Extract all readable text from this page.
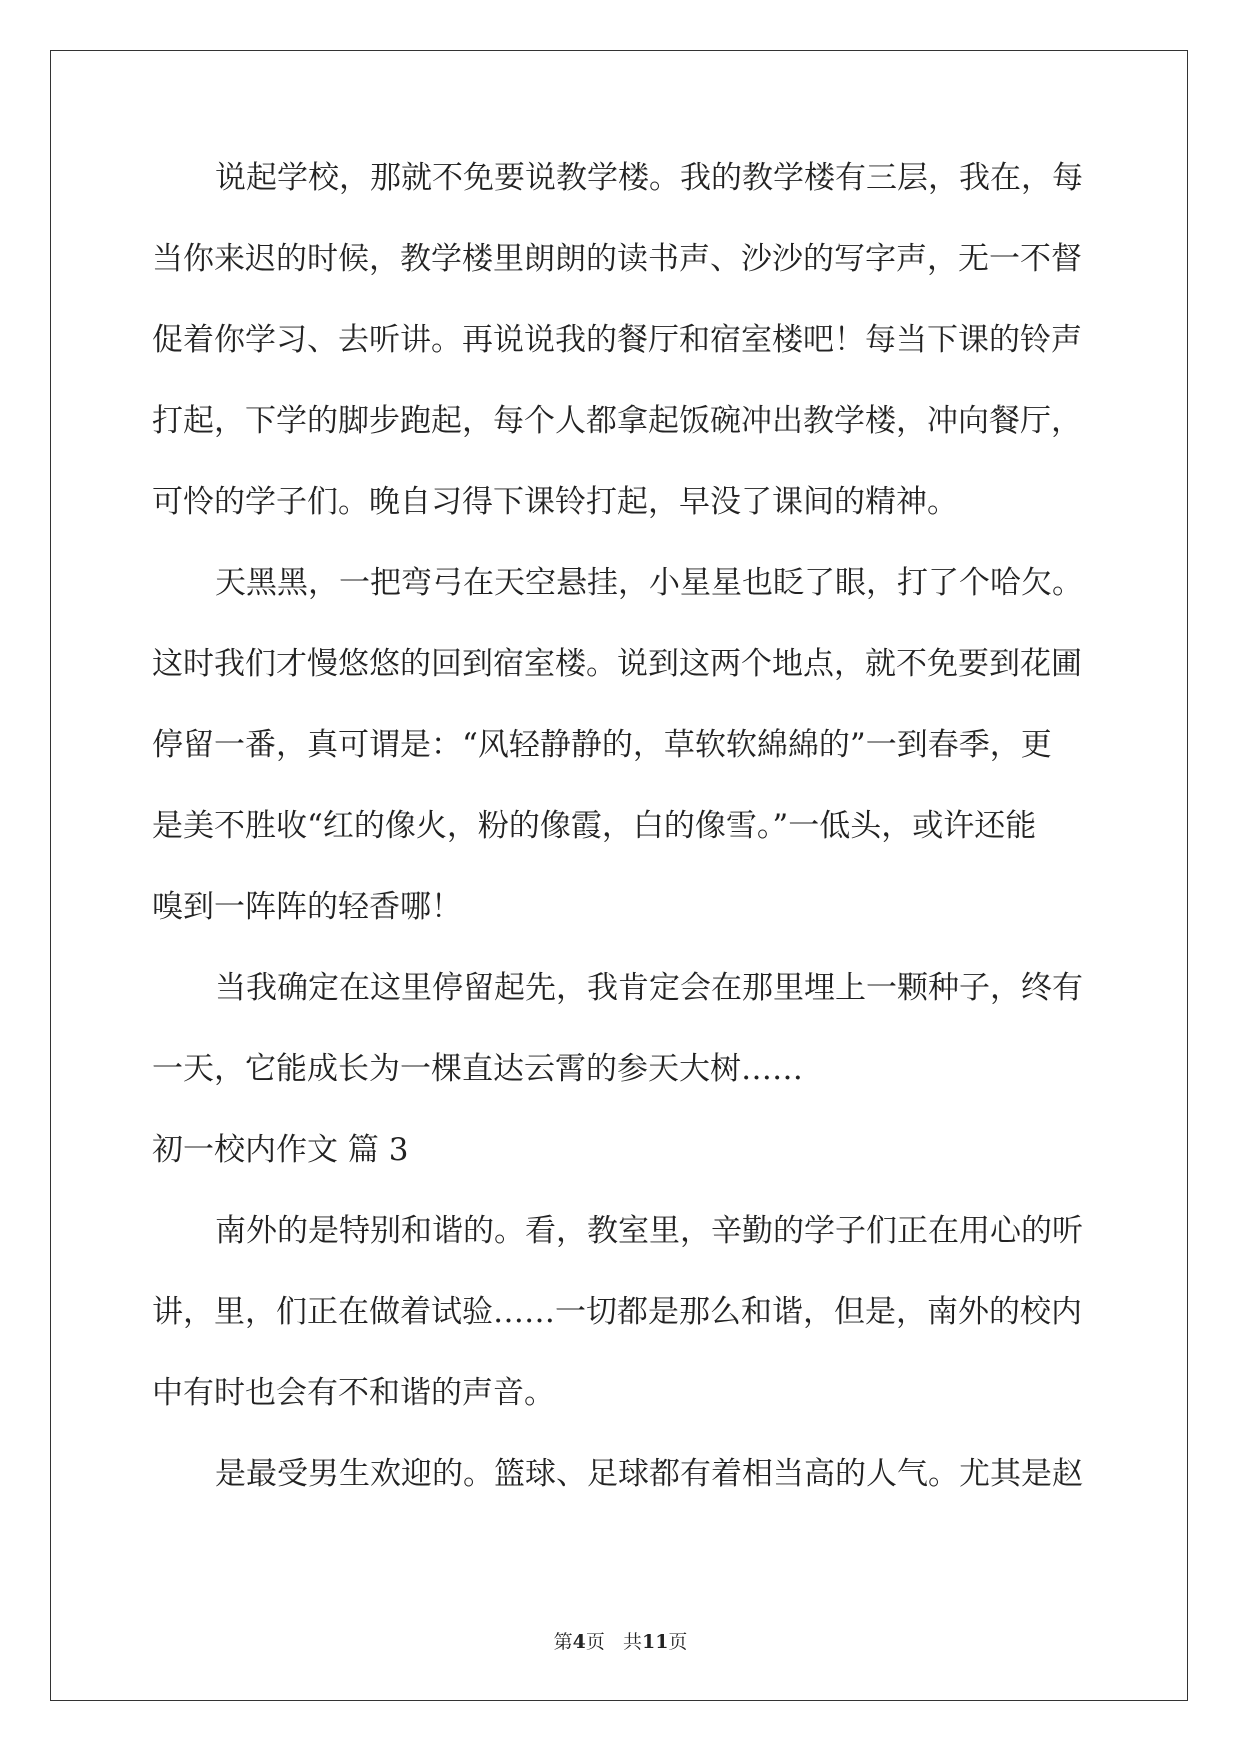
说起学校，那就不免要说教学楼。我的教学楼有三层，我在，每
当你来迟的时候，教学楼里朗朗的读书声、沙沙的写字声，无一不督
促着你学习、去听讲。再说说我的餐厅和宿室楼吧！每当下课的铃声
打起，下学的脚步跑起，每个人都拿起饭碗冲出教学楼，冲向餐厅，
可怜的学子们。晚自习得下课铃打起，早没了课间的精神。
天黑黑，一把弯弓在天空悬挂，小星星也眨了眼，打了个哈欠。
这时我们才慢悠悠的回到宿室楼。说到这两个地点，就不免要到花圃
停留一番，真可谓是：“风轻静静的，草软软綿綿的”一到春季，更
是美不胜收“红的像火，粉的像霞，白的像雪。”一低头，或许还能
嗅到一阵阵的轻香哪！
当我确定在这里停留起先，我肯定会在那里埋上一颗种子，终有
一天，它能成长为一棵直达云霄的参天大树……
初一校内作文 篇 3
南外的是特别和谐的。看，教室里，辛勤的学子们正在用心的听
讲，里，们正在做着试验……一切都是那么和谐，但是，南外的校内
中有时也会有不和谐的声音。
是最受男生欢迎的。篮球、足球都有着相当高的人气。尤其是赵
第4页 共11页
